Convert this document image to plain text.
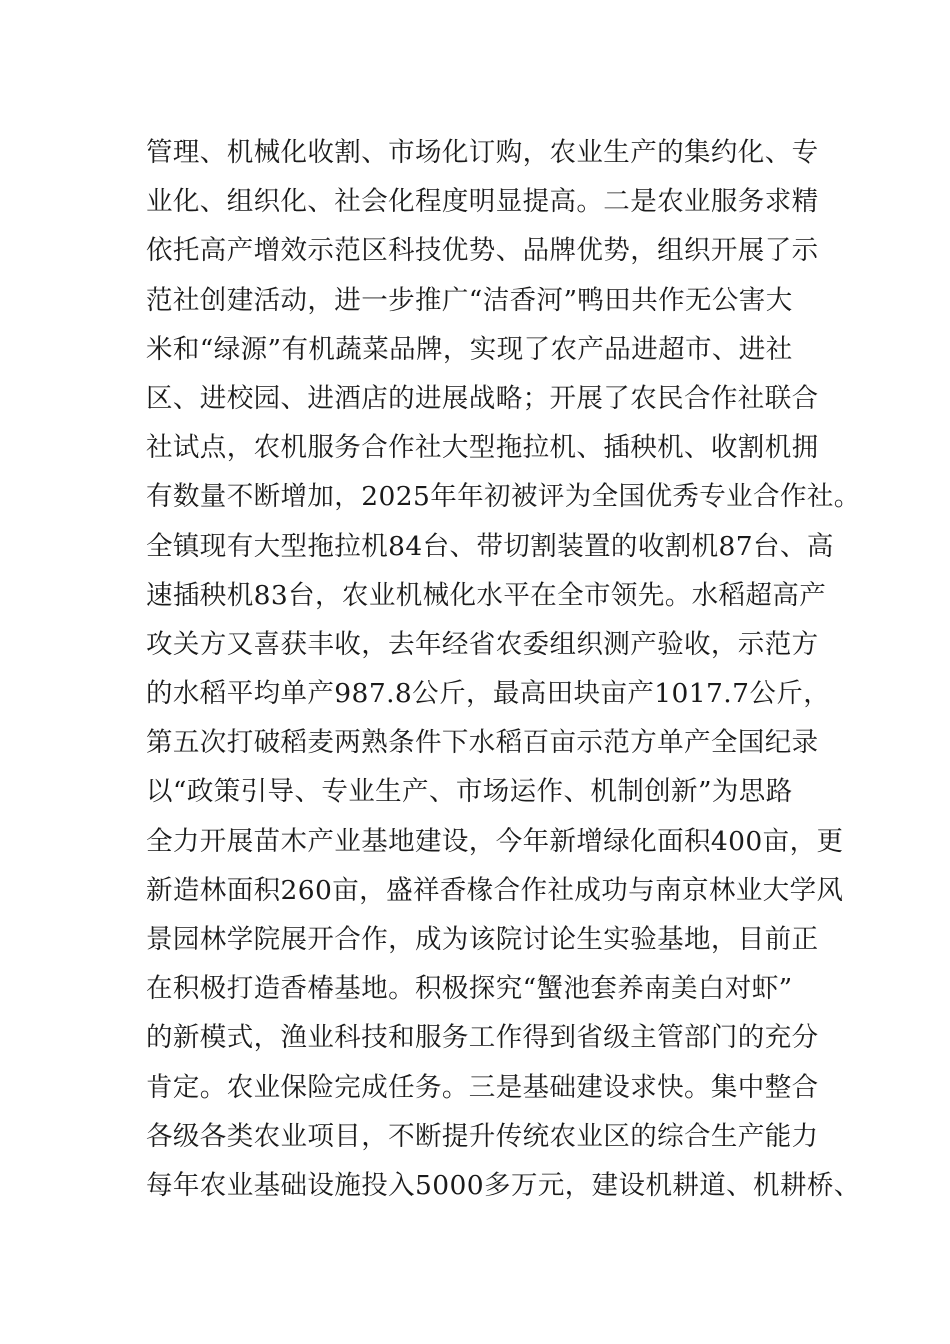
管理、机械化收割、市场化订购，农业生产的集约化、专
业化、组织化、社会化程度明显提高。二是农业服务求精
依托高产增效示范区科技优势、品牌优势，组织开展了示
范社创建活动，进一步推广“洁香河”鸭田共作无公害大
米和“绿源”有机蔬菜品牌，实现了农产品进超市、进社
区、进校园、进酒店的进展战略；开展了农民合作社联合
社试点，农机服务合作社大型拖拉机、插秧机、收割机拥
有数量不断增加，2025年年初被评为全国优秀专业合作社。
全镇现有大型拖拉机84台、带切割装置的收割机87台、高
速插秧机83台，农业机械化水平在全市领先。水稻超高产
攻关方又喜获丰收，去年经省农委组织测产验收，示范方
的水稻平均单产987.8公斤，最高田块亩产1017.7公斤，
第五次打破稻麦两熟条件下水稻百亩示范方单产全国纪录
以“政策引导、专业生产、市场运作、机制创新”为思路
全力开展苗木产业基地建设，今年新增绿化面积400亩，更
新造林面积260亩，盛祥香椽合作社成功与南京林业大学风
景园林学院展开合作，成为该院讨论生实验基地，目前正
在积极打造香椿基地。积极探究“蟹池套养南美白对虾”
的新模式，渔业科技和服务工作得到省级主管部门的充分
肯定。农业保险完成任务。三是基础建设求快。集中整合
各级各类农业项目，不断提升传统农业区的综合生产能力
每年农业基础设施投入5000多万元，建设机耕道、机耕桥、
